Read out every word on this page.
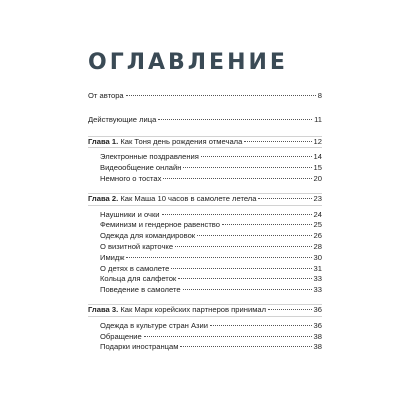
ОГЛАВЛЕНИЕ
От автора	8
Действующие лица	11
Глава 1. Как Тоня день рождения отмечала	12
Электронные поздравления	14
Видеообщение онлайн	15
Немного о тостах	20
Глава 2. Как Маша 10 часов в самолете летела	23
Наушники и очки	24
Феминизм и гендерное равенство	25
Одежда для командировок	26
О визитной карточке	28
Имидж	30
О детях в самолете	31
Кольца для салфеток	33
Поведение в самолете	33
Глава 3. Как Марк корейских партнеров принимал	36
Одежда в культуре стран Азии	36
Обращение	38
Подарки иностранцам	38
